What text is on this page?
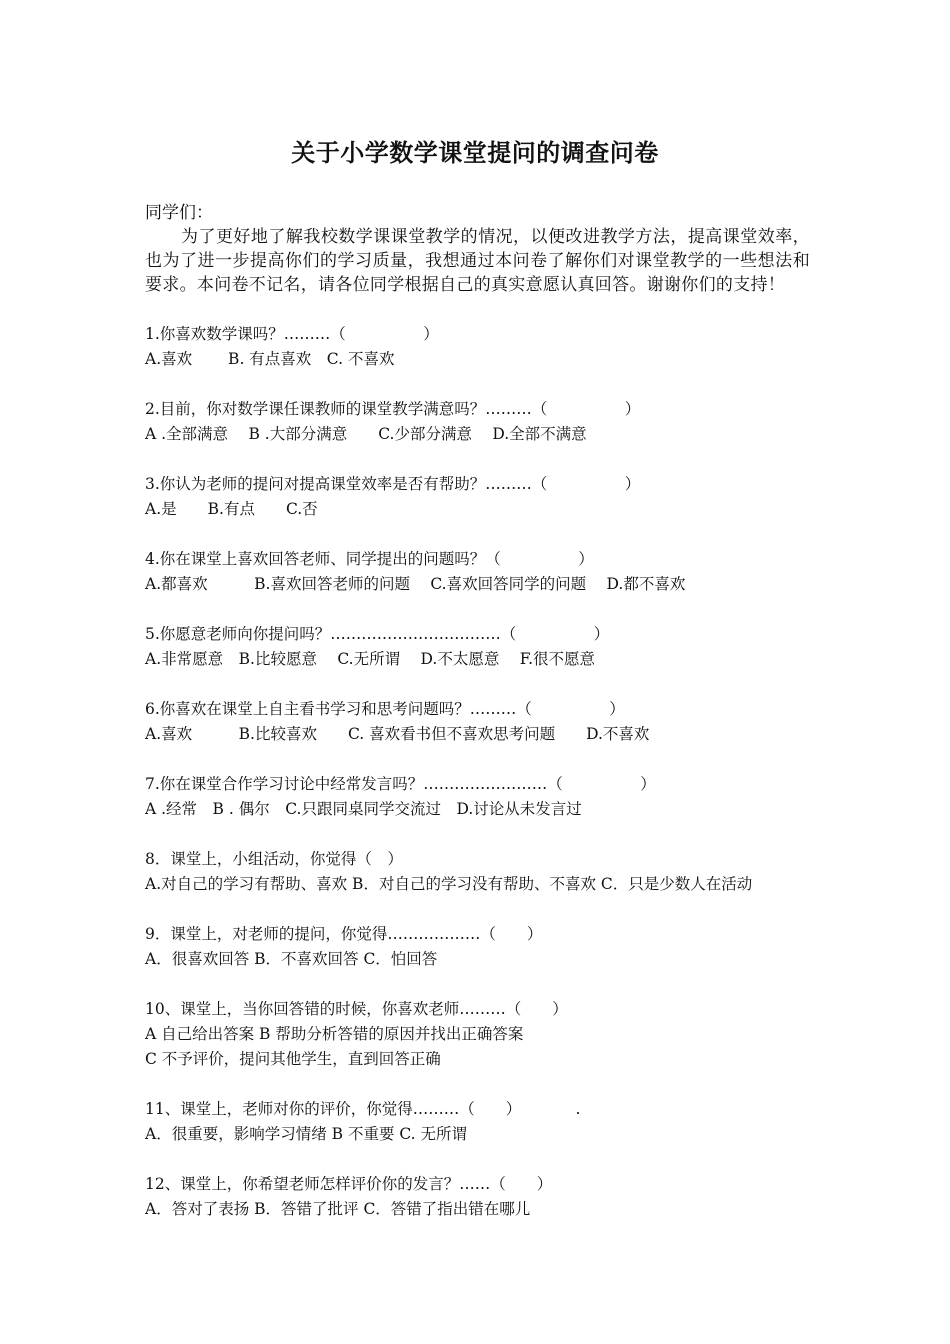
关于小学数学课堂提问的调查问卷
同学们：
为了更好地了解我校数学课课堂教学的情况，以便改进教学方法，提高课堂效率，也为了进一步提高你们的学习质量，我想通过本问卷了解你们对课堂教学的一些想法和要求。本问卷不记名，请各位同学根据自己的真实意愿认真回答。谢谢你们的支持！
1.你喜欢数学课吗？………（　　　　　）
A.喜欢　　 B. 有点喜欢　C. 不喜欢
2.目前，你对数学课任课教师的课堂教学满意吗？………（　　　　　）
A .全部满意　 B .大部分满意　　C.少部分满意　 D.全部不满意
3.你认为老师的提问对提高课堂效率是否有帮助？………（　　　　　）
A.是　　B.有点　　C.否
4.你在课堂上喜欢回答老师、同学提出的问题吗？（　　　　　）
A.都喜欢　　　B.喜欢回答老师的问题　 C.喜欢回答同学的问题　 D.都不喜欢
5.你愿意老师向你提问吗？……………………………（　　　　　）
A.非常愿意　B.比较愿意　 C.无所谓　 D.不太愿意　 F.很不愿意
6.你喜欢在课堂上自主看书学习和思考问题吗？………（　　　　　）
A.喜欢　　　B.比较喜欢　　C. 喜欢看书但不喜欢思考问题　　D.不喜欢
7.你在课堂合作学习讨论中经常发言吗？……………………（　　　　　）
A .经常　B . 偶尔　C.只跟同桌同学交流过　D.讨论从未发言过
8．课堂上，小组活动，你觉得（　）
A.对自己的学习有帮助、喜欢 B．对自己的学习没有帮助、不喜欢 C．只是少数人在活动
9．课堂上，对老师的提问，你觉得………………（　　）
A．很喜欢回答 B．不喜欢回答 C．怕回答
10、课堂上，当你回答错的时候，你喜欢老师………（　　）
A 自己给出答案 B 帮助分析答错的原因并找出正确答案
C 不予评价，提问其他学生，直到回答正确
11、课堂上，老师对你的评价，你觉得………（　　）　　　　.
A．很重要，影响学习情绪 B 不重要 C. 无所谓
12、课堂上，你希望老师怎样评价你的发言？……（　　）
A．答对了表扬 B．答错了批评 C．答错了指出错在哪儿
